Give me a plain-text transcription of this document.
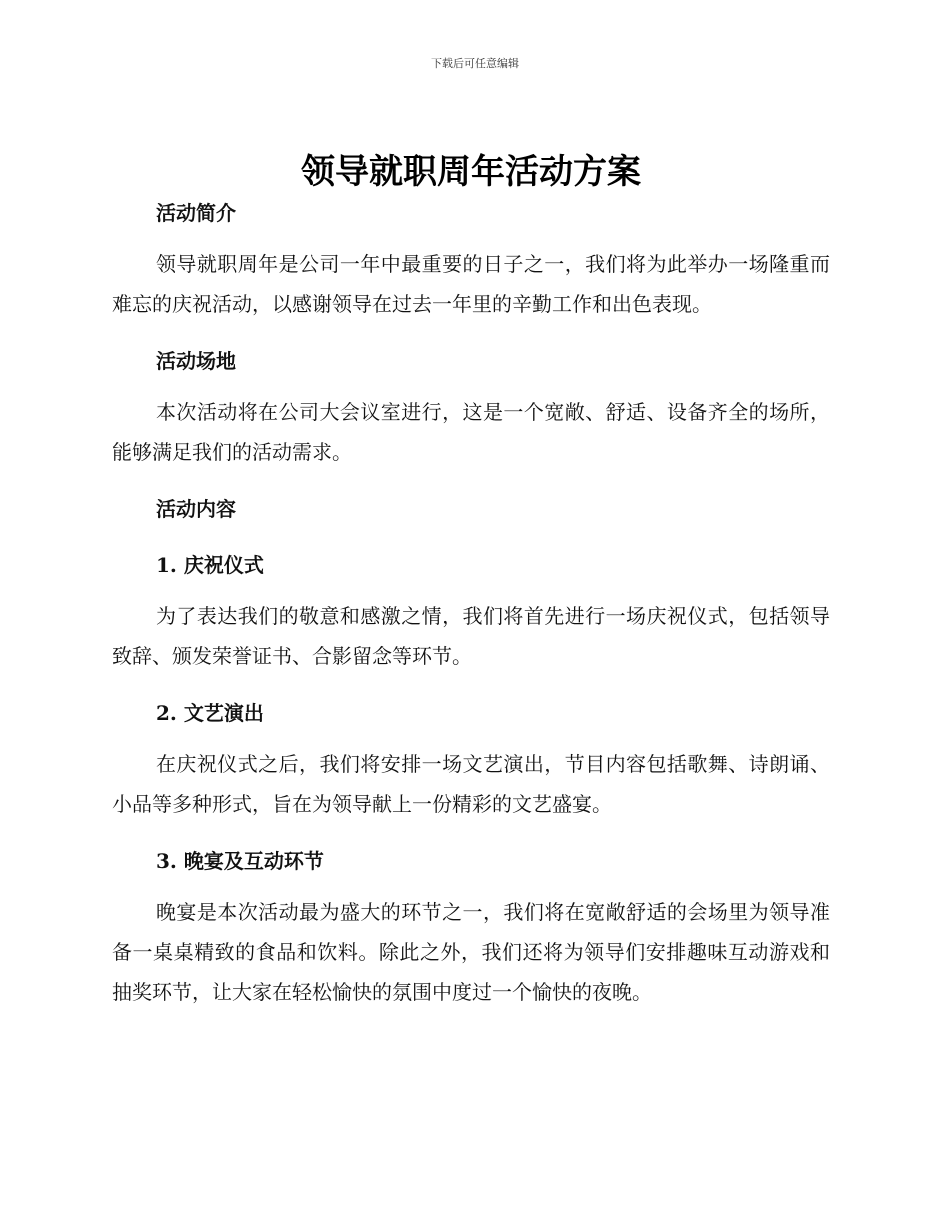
下载后可任意编辑
领导就职周年活动方案
活动简介

领导就职周年是公司一年中最重要的日子之一，我们将为此举办一场隆重而难忘的庆祝活动，以感谢领导在过去一年里的辛勤工作和出色表现。

活动场地

本次活动将在公司大会议室进行，这是一个宽敞、舒适、设备齐全的场所，能够满足我们的活动需求。

活动内容
1. 庆祝仪式

为了表达我们的敬意和感激之情，我们将首先进行一场庆祝仪式，包括领导致辞、颁发荣誉证书、合影留念等环节。

2. 文艺演出

在庆祝仪式之后，我们将安排一场文艺演出，节目内容包括歌舞、诗朗诵、小品等多种形式，旨在为领导献上一份精彩的文艺盛宴。

3. 晚宴及互动环节

晚宴是本次活动最为盛大的环节之一，我们将在宽敞舒适的会场里为领导准备一桌桌精致的食品和饮料。除此之外，我们还将为领导们安排趣味互动游戏和抽奖环节，让大家在轻松愉快的氛围中度过一个愉快的夜晚。
